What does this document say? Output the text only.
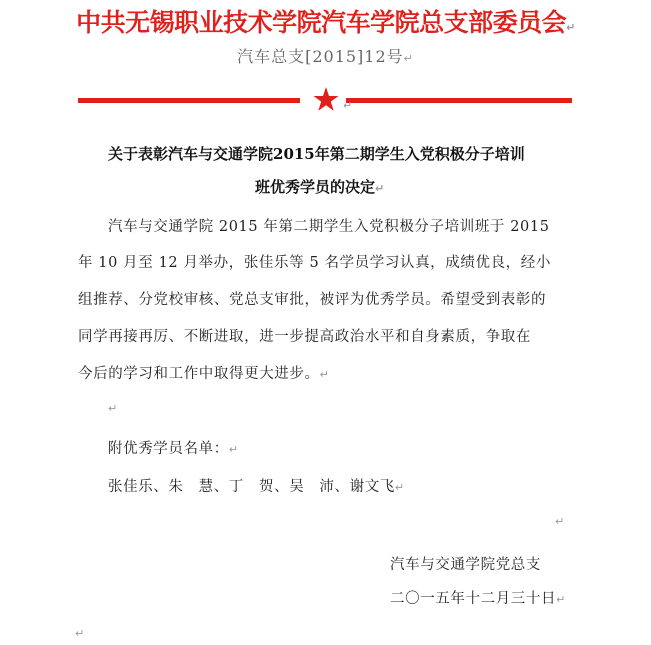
中共无锡职业技术学院汽车学院总支部委员会↵
汽车总支[2015]12号↵
↵
关于表彰汽车与交通学院2015年第二期学生入党积极分子培训
班优秀学员的决定↵
汽车与交通学院 2015 年第二期学生入党积极分子培训班于 2015
年 10 月至 12 月举办，张佳乐等 5 名学员学习认真，成绩优良，经小
组推荐、分党校审核、党总支审批，被评为优秀学员。希望受到表彰的
同学再接再厉、不断进取，进一步提高政治水平和自身素质，争取在
今后的学习和工作中取得更大进步。↵
↵
附优秀学员名单：↵
张佳乐、朱　慧、丁　贺、吴　沛、谢文飞↵
↵
汽车与交通学院党总支
二〇一五年十二月三十日↵
↵
